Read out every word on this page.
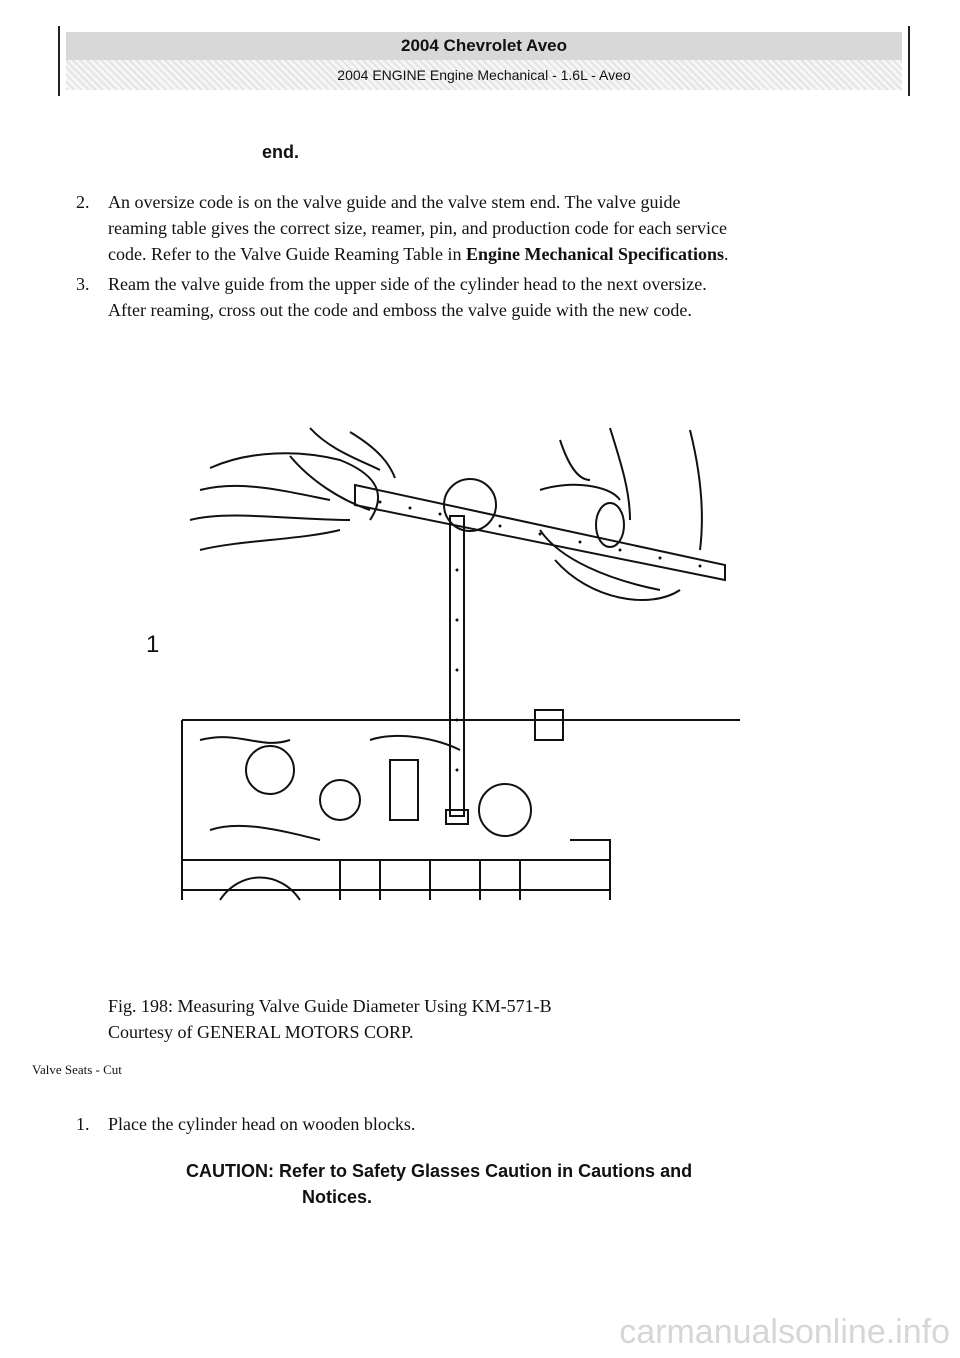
2004 Chevrolet Aveo
2004 ENGINE Engine Mechanical - 1.6L - Aveo
end.
2. An oversize code is on the valve guide and the valve stem end. The valve guide
reaming table gives the correct size, reamer, pin, and production code for each service
code. Refer to the Valve Guide Reaming Table in Engine Mechanical Specifications.
3. Ream the valve guide from the upper side of the cylinder head to the next oversize.
After reaming, cross out the code and emboss the valve guide with the new code.
1
Fig. 198: Measuring Valve Guide Diameter Using KM-571-B
Courtesy of GENERAL MOTORS CORP.
Valve Seats - Cut
1. Place the cylinder head on wooden blocks.
CAUTION: Refer to Safety Glasses Caution in Cautions and
Notices.
carmanualsonline.info
